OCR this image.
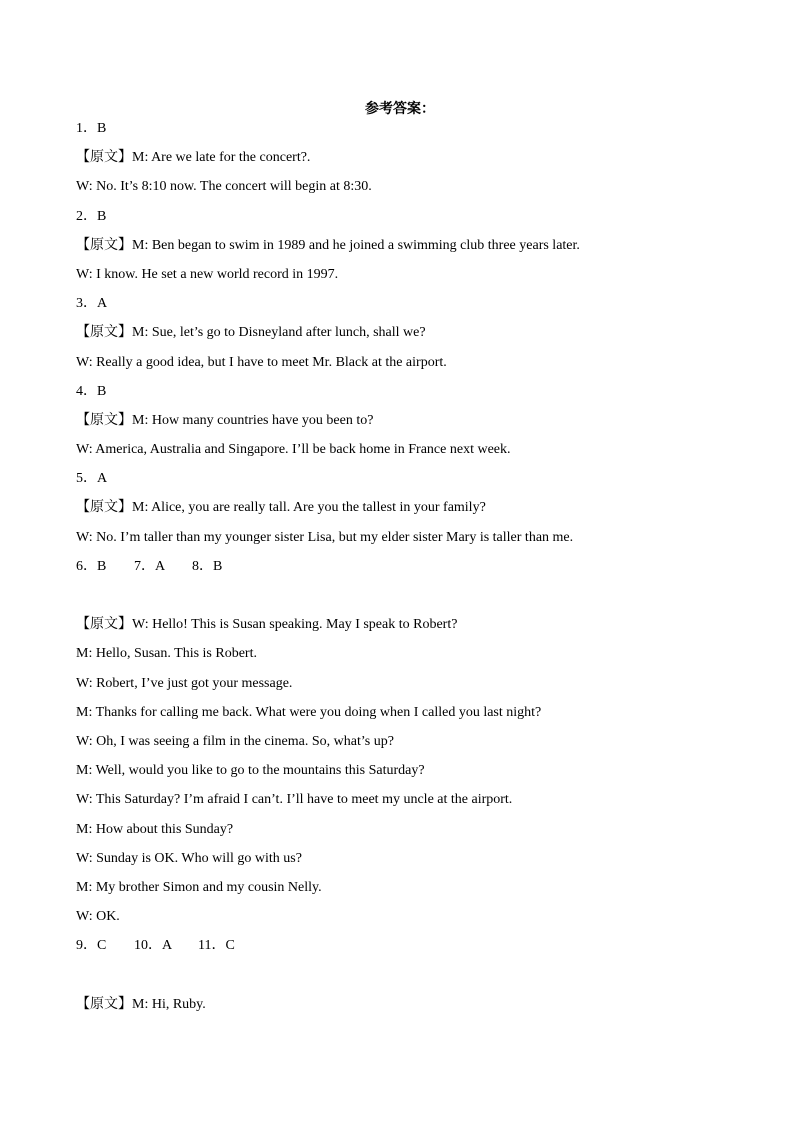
参考答案：
1．B
【原文】M: Are we late for the concert?.
W: No. It’s 8:10 now. The concert will begin at 8:30.
2．B
【原文】M: Ben began to swim in 1989 and he joined a swimming club three years later.
W: I know. He set a new world record in 1997.
3．A
【原文】M: Sue, let’s go to Disneyland after lunch, shall we?
W: Really a good idea, but I have to meet Mr. Black at the airport.
4．B
【原文】M: How many countries have you been to?
W: America, Australia and Singapore. I’ll be back home in France next week.
5．A
【原文】M: Alice, you are really tall. Are you the tallest in your family?
W: No. I’m taller than my younger sister Lisa, but my elder sister Mary is taller than me.
6．B 7．A 8．B
【原文】W: Hello! This is Susan speaking. May I speak to Robert?
M: Hello, Susan. This is Robert.
W: Robert, I’ve just got your message.
M: Thanks for calling me back. What were you doing when I called you last night?
W: Oh, I was seeing a film in the cinema. So, what’s up?
M: Well, would you like to go to the mountains this Saturday?
W: This Saturday? I’m afraid I can’t. I’ll have to meet my uncle at the airport.
M: How about this Sunday?
W: Sunday is OK. Who will go with us?
M: My brother Simon and my cousin Nelly.
W: OK.
9．C 10．A 11．C
【原文】M: Hi, Ruby.
